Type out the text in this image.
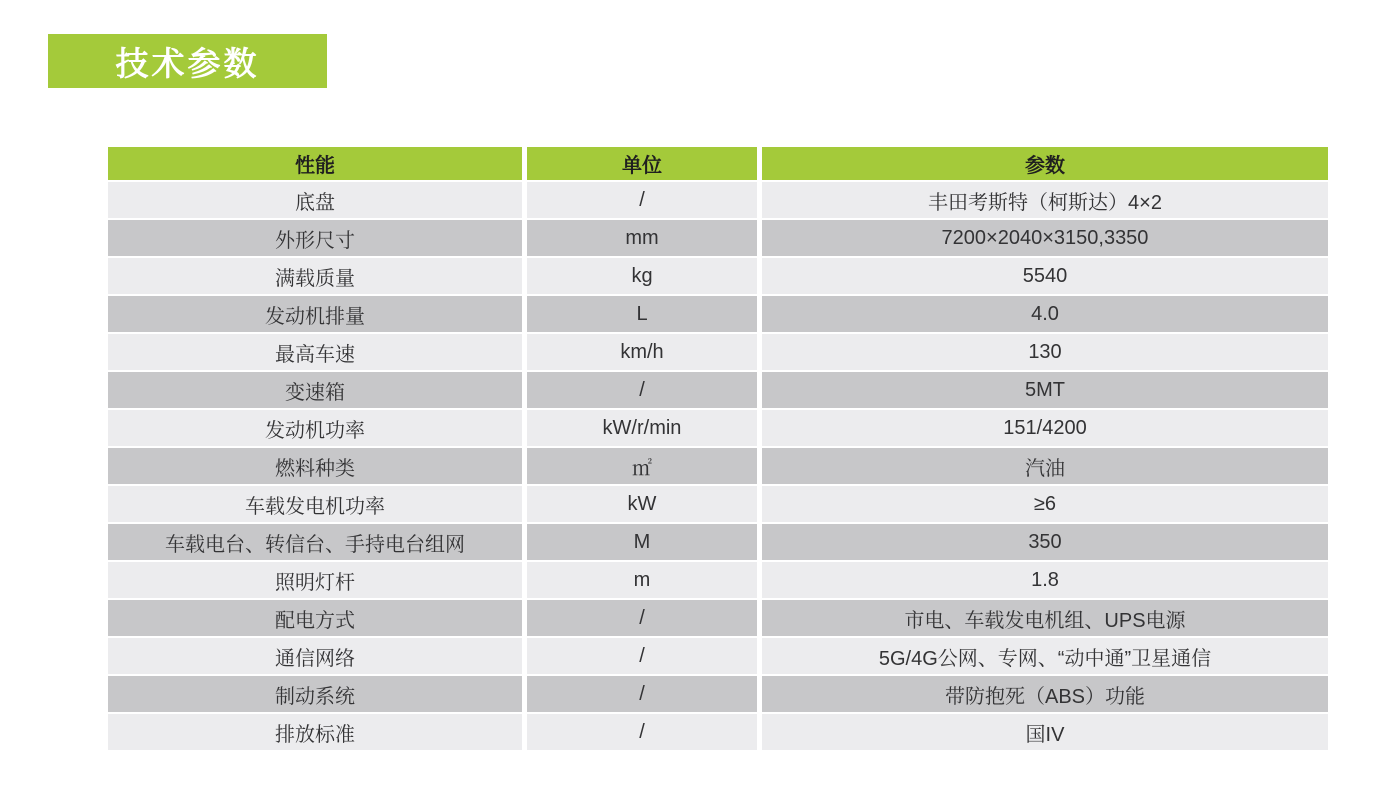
技术参数
性能	单位	参数
底盘	/	丰田考斯特（柯斯达）4×2
外形尺寸	mm	7200×2040×3150,3350
满载质量	kg	5540
发动机排量	L	4.0
最高车速	km/h	130
变速箱	/	5MT
发动机功率	kW/r/min	151/4200
燃料种类	㎡	汽油
车载发电机功率	kW	≥6
车载电台、转信台、手持电台组网	M	350
照明灯杆	m	1.8
配电方式	/	市电、车载发电机组、UPS电源
通信网络	/	5G/4G公网、专网、“动中通”卫星通信
制动系统	/	带防抱死（ABS）功能
排放标准	/	国IV
